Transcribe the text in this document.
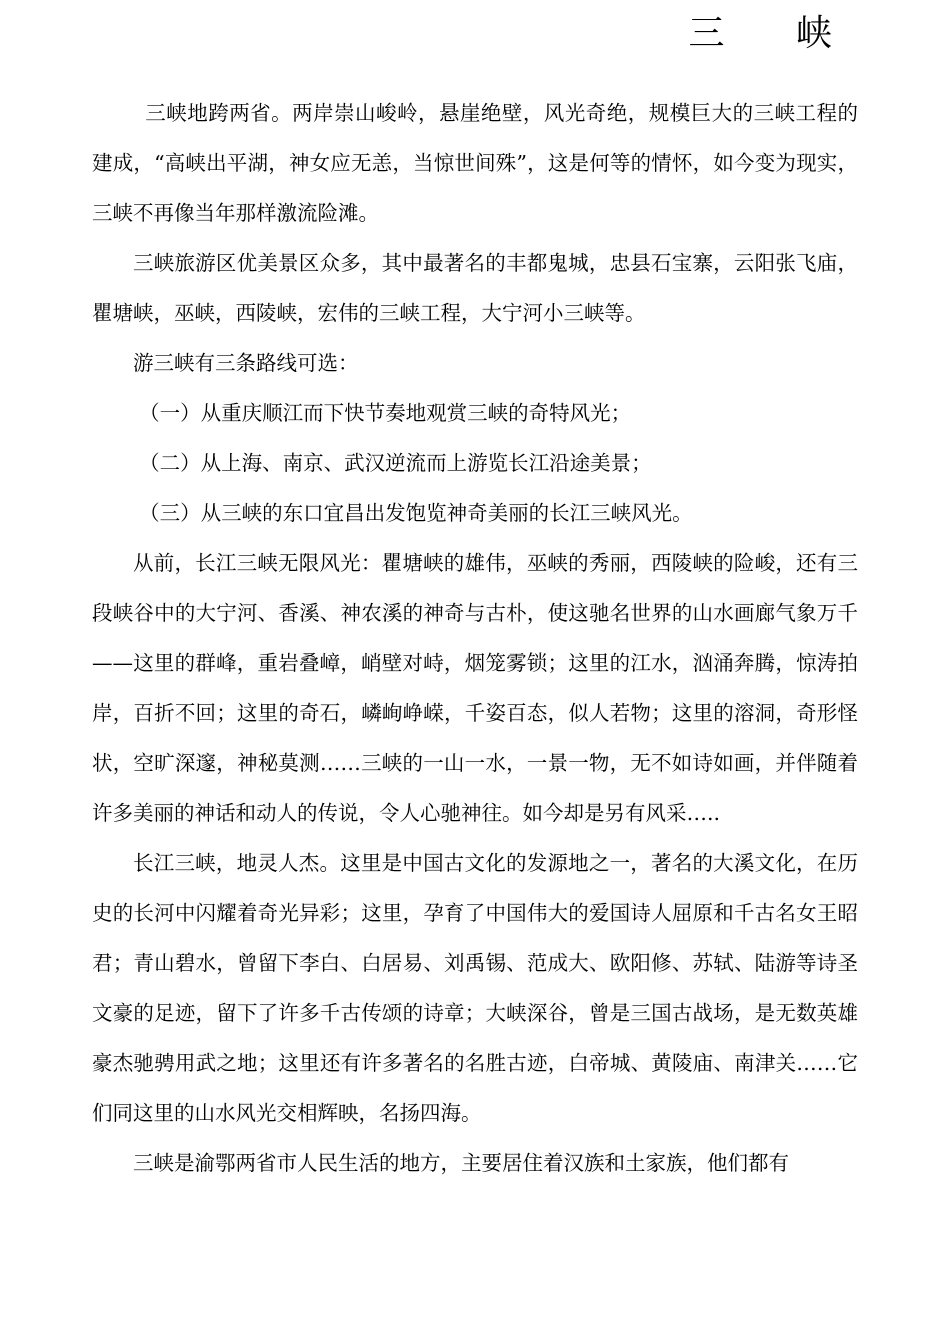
三 峡

三峡地跨两省。两岸崇山峻岭，悬崖绝壁，风光奇绝，规模巨大的三峡工程的建成，“高峡出平湖，神女应无恙，当惊世间殊”，这是何等的情怀，如今变为现实，三峡不再像当年那样激流险滩。

三峡旅游区优美景区众多，其中最著名的丰都鬼城，忠县石宝寨，云阳张飞庙，瞿塘峡，巫峡，西陵峡，宏伟的三峡工程，大宁河小三峡等。

游三峡有三条路线可选：

（一）从重庆顺江而下快节奏地观赏三峡的奇特风光；

（二）从上海、南京、武汉逆流而上游览长江沿途美景；

（三）从三峡的东口宜昌出发饱览神奇美丽的长江三峡风光。

从前，长江三峡无限风光：瞿塘峡的雄伟，巫峡的秀丽，西陵峡的险峻，还有三段峡谷中的大宁河、香溪、神农溪的神奇与古朴，使这驰名世界的山水画廊气象万千——这里的群峰，重岩叠嶂，峭壁对峙，烟笼雾锁；这里的江水，汹涌奔腾，惊涛拍岸，百折不回；这里的奇石，嶙峋峥嵘，千姿百态，似人若物；这里的溶洞，奇形怪状，空旷深邃，神秘莫测……三峡的一山一水，一景一物，无不如诗如画，并伴随着许多美丽的神话和动人的传说，令人心驰神往。如今却是另有风采…..

长江三峡，地灵人杰。这里是中国古文化的发源地之一，著名的大溪文化，在历史的长河中闪耀着奇光异彩；这里，孕育了中国伟大的爱国诗人屈原和千古名女王昭君；青山碧水，曾留下李白、白居易、刘禹锡、范成大、欧阳修、苏轼、陆游等诗圣文豪的足迹，留下了许多千古传颂的诗章；大峡深谷，曾是三国古战场，是无数英雄豪杰驰骋用武之地；这里还有许多著名的名胜古迹，白帝城、黄陵庙、南津关……它们同这里的山水风光交相辉映，名扬四海。

三峡是渝鄂两省市人民生活的地方，主要居住着汉族和土家族，他们都有
